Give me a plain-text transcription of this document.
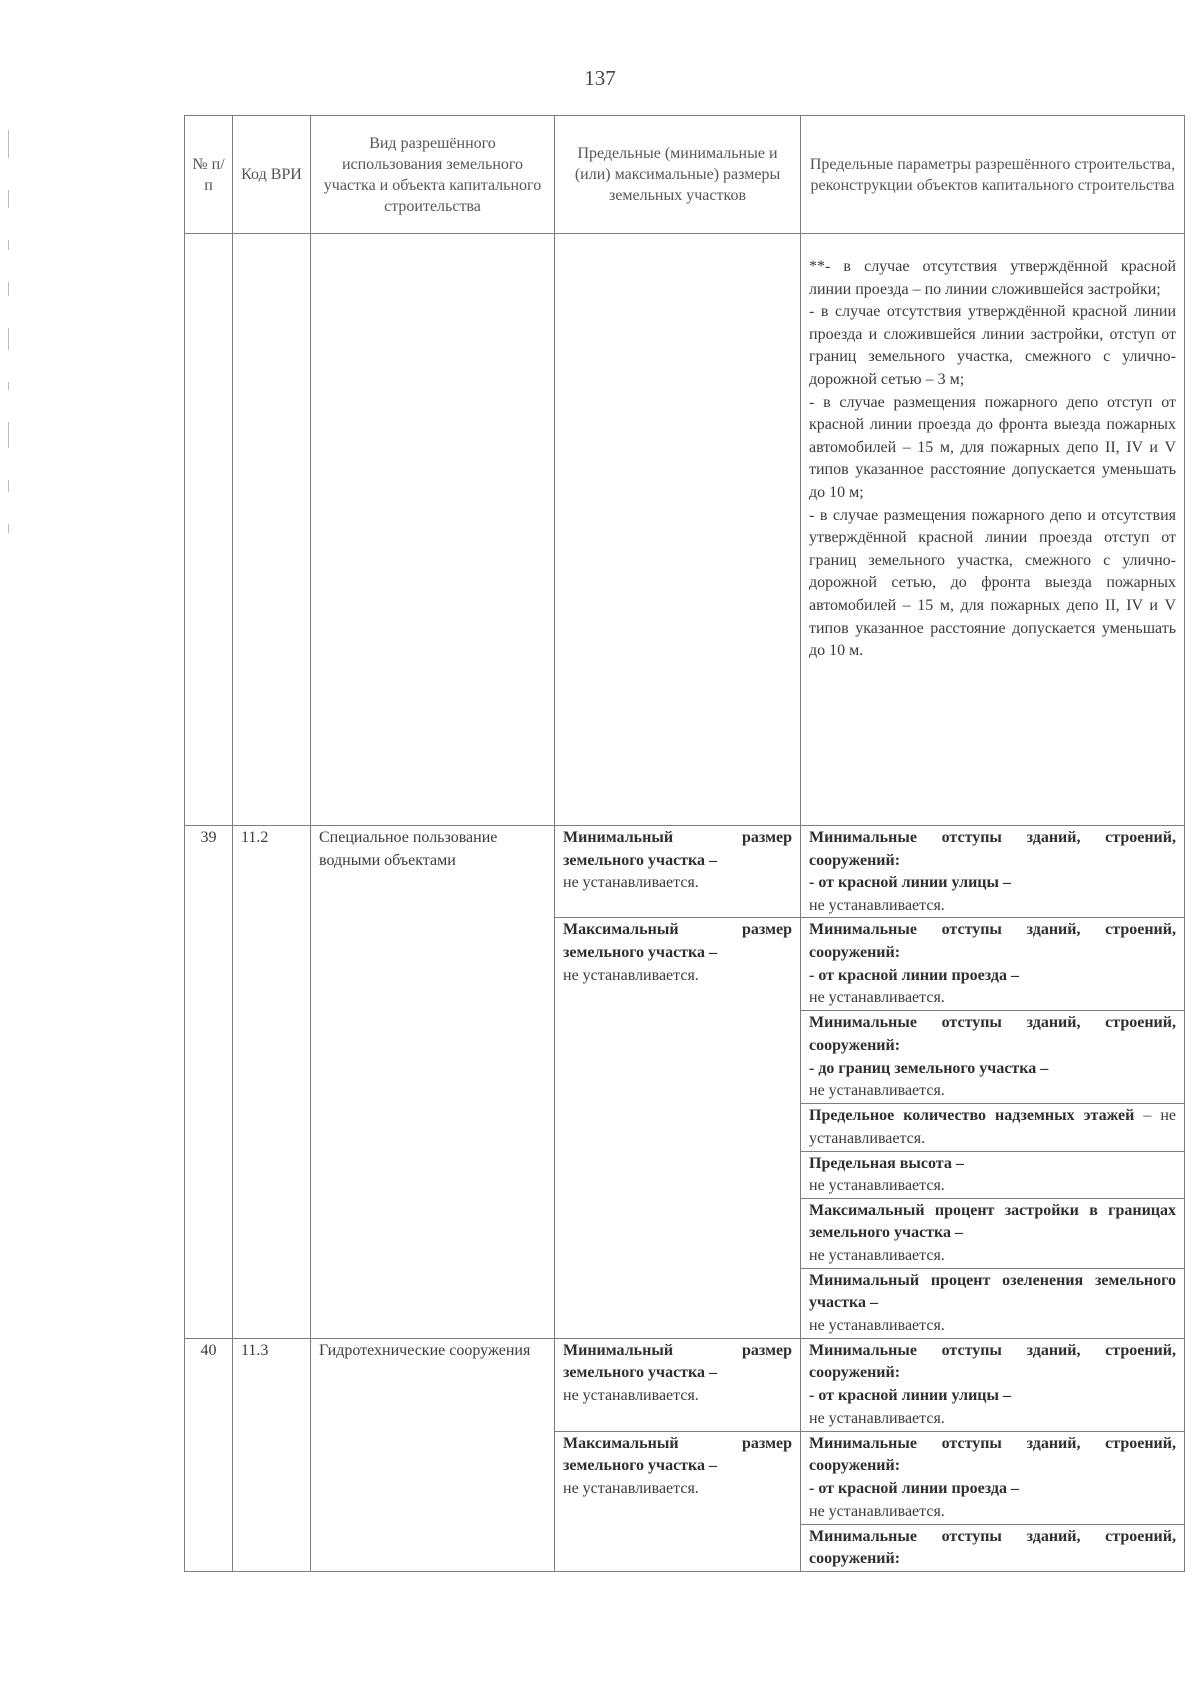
137
№ п/п	Код ВРИ	Вид разрешённого использования земельного участка и объекта капитального строительства	Предельные (минимальные и (или) максимальные) размеры земельных участков	Предельные параметры разрешённого строительства, реконструкции объектов капитального строительства
				**- в случае отсутствия утверждённой красной линии проезда – по линии сложившейся застройки;
- в случае отсутствия утверждённой красной линии проезда и сложившейся линии застройки, отступ от границ земельного участка, смежного с улично-дорожной сетью – 3 м;
- в случае размещения пожарного депо отступ от красной линии проезда до фронта выезда пожарных автомобилей – 15 м, для пожарных депо II, IV и V типов указанное расстояние допускается уменьшать до 10 м;
- в случае размещения пожарного депо и отсутствия утверждённой красной линии проезда отступ от границ земельного участка, смежного с улично-дорожной сетью, до фронта выезда пожарных автомобилей – 15 м, для пожарных депо II, IV и V типов указанное расстояние допускается уменьшать до 10 м.
39	11.2	Специальное пользование водными объектами	Минимальный размер земельного участка –
не устанавливается.	Минимальные отступы зданий, строений, сооружений:
- от красной линии улицы –
не устанавливается.
			Максимальный размер земельного участка –
не устанавливается.	Минимальные отступы зданий, строений, сооружений:
- от красной линии проезда –
не устанавливается.
				Минимальные отступы зданий, строений, сооружений:
- до границ земельного участка –
не устанавливается.
				Предельное количество надземных этажей – не устанавливается.
				Предельная высота –
не устанавливается.
				Максимальный процент застройки в границах земельного участка –
не устанавливается.
				Минимальный процент озеленения земельного участка –
не устанавливается.
40	11.3	Гидротехнические сооружения	Минимальный размер земельного участка –
не устанавливается.	Минимальные отступы зданий, строений, сооружений:
- от красной линии улицы –
не устанавливается.
			Максимальный размер земельного участка –
не устанавливается.	Минимальные отступы зданий, строений, сооружений:
- от красной линии проезда –
не устанавливается.
				Минимальные отступы зданий, строений, сооружений:
